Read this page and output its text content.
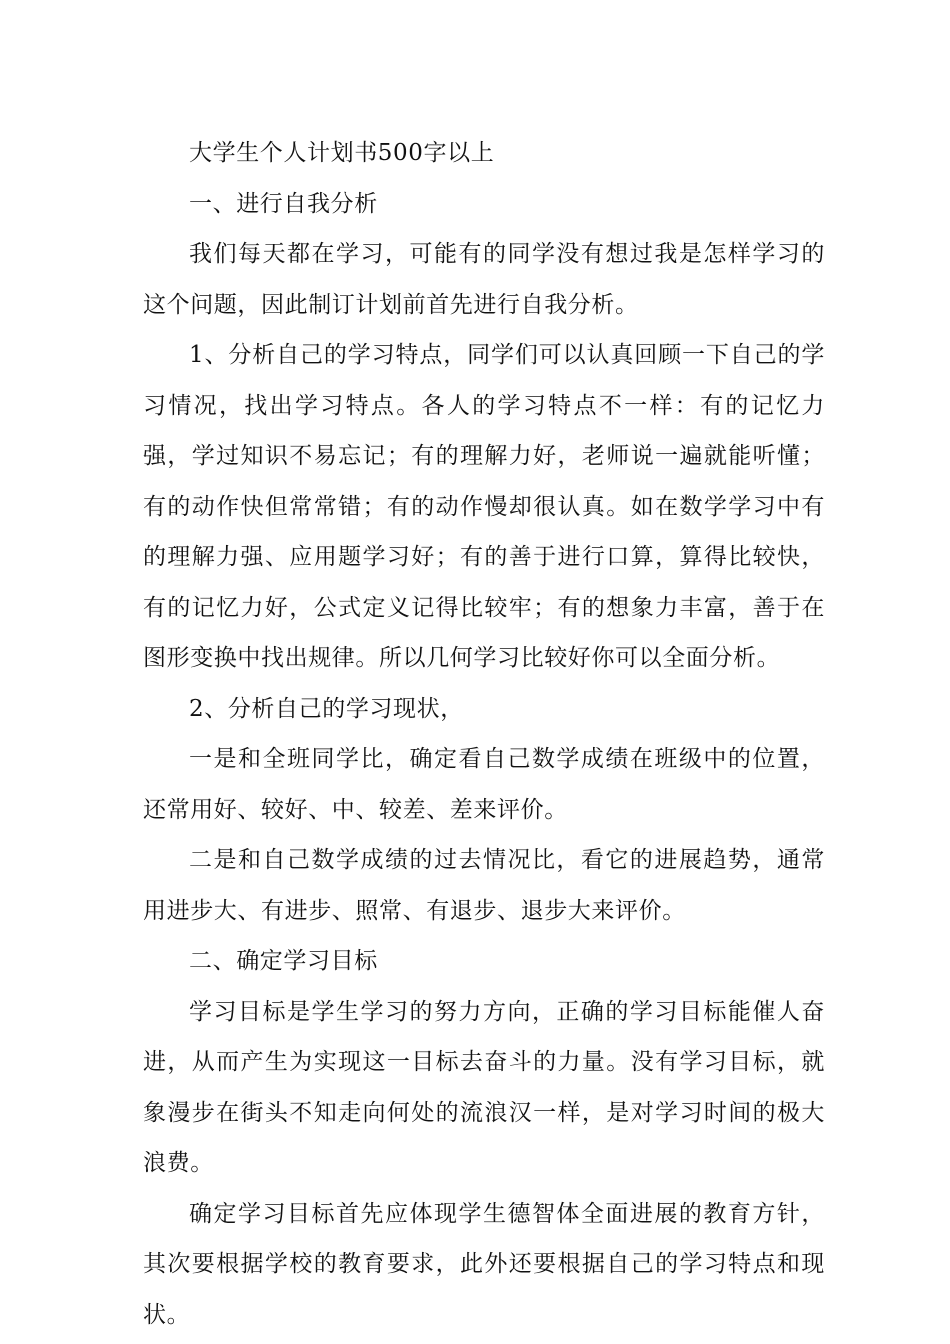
大学生个人计划书500字以上

一、进行自我分析

我们每天都在学习，可能有的同学没有想过我是怎样学习的这个问题，因此制订计划前首先进行自我分析。

1、分析自己的学习特点，同学们可以认真回顾一下自己的学习情况，找出学习特点。各人的学习特点不一样：有的记忆力强，学过知识不易忘记；有的理解力好，老师说一遍就能听懂；有的动作快但常常错；有的动作慢却很认真。如在数学学习中有的理解力强、应用题学习好；有的善于进行口算，算得比较快，有的记忆力好，公式定义记得比较牢；有的想象力丰富，善于在图形变换中找出规律。所以几何学习比较好你可以全面分析。

2、分析自己的学习现状，

一是和全班同学比，确定看自己数学成绩在班级中的位置，还常用好、较好、中、较差、差来评价。

二是和自己数学成绩的过去情况比，看它的进展趋势，通常用进步大、有进步、照常、有退步、退步大来评价。

二、确定学习目标

学习目标是学生学习的努力方向，正确的学习目标能催人奋进，从而产生为实现这一目标去奋斗的力量。没有学习目标，就象漫步在街头不知走向何处的流浪汉一样，是对学习时间的极大浪费。

确定学习目标首先应体现学生德智体全面进展的教育方针，其次要根据学校的教育要求，此外还要根据自己的学习特点和现状。
